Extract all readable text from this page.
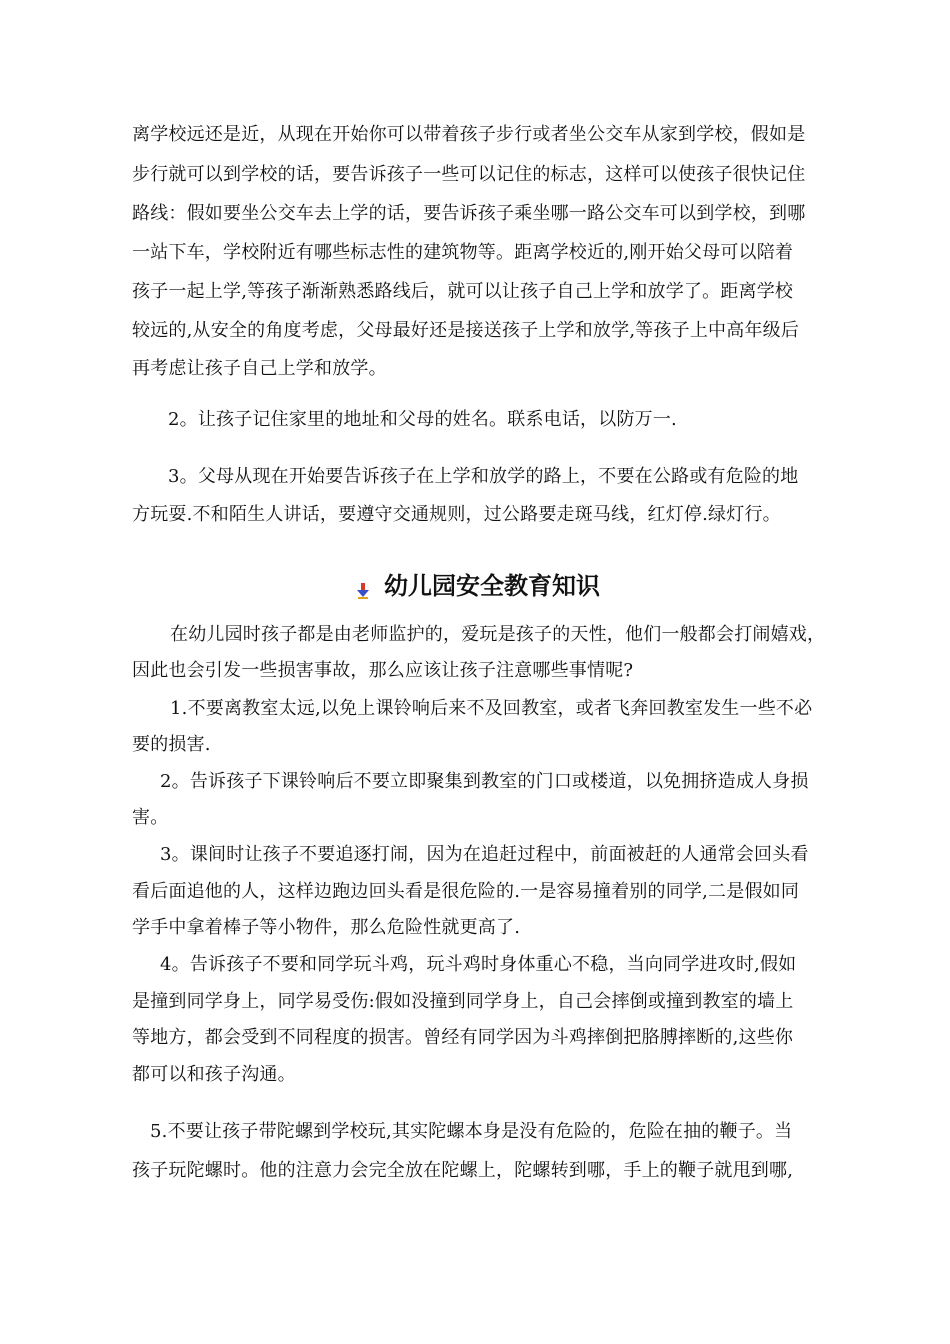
离学校远还是近，从现在开始你可以带着孩子步行或者坐公交车从家到学校，假如是
步行就可以到学校的话，要告诉孩子一些可以记住的标志，这样可以使孩子很快记住
路线：假如要坐公交车去上学的话，要告诉孩子乘坐哪一路公交车可以到学校，到哪
一站下车，学校附近有哪些标志性的建筑物等。距离学校近的,刚开始父母可以陪着
孩子一起上学,等孩子渐渐熟悉路线后，就可以让孩子自己上学和放学了。距离学校
较远的,从安全的角度考虑，父母最好还是接送孩子上学和放学,等孩子上中高年级后
再考虑让孩子自己上学和放学。
2。让孩子记住家里的地址和父母的姓名。联系电话，以防万一.
3。父母从现在开始要告诉孩子在上学和放学的路上，不要在公路或有危险的地
方玩耍.不和陌生人讲话，要遵守交通规则，过公路要走斑马线，红灯停.绿灯行。
幼儿园安全教育知识
在幼儿园时孩子都是由老师监护的，爱玩是孩子的天性，他们一般都会打闹嬉戏，
因此也会引发一些损害事故，那么应该让孩子注意哪些事情呢?
1.不要离教室太远,以免上课铃响后来不及回教室，或者飞奔回教室发生一些不必
要的损害.
2。告诉孩子下课铃响后不要立即聚集到教室的门口或楼道，以免拥挤造成人身损
害。
3。课间时让孩子不要追逐打闹，因为在追赶过程中，前面被赶的人通常会回头看
看后面追他的人，这样边跑边回头看是很危险的.一是容易撞着别的同学,二是假如同
学手中拿着棒子等小物件，那么危险性就更高了.
4。告诉孩子不要和同学玩斗鸡，玩斗鸡时身体重心不稳，当向同学进攻时,假如
是撞到同学身上，同学易受伤:假如没撞到同学身上，自己会摔倒或撞到教室的墙上
等地方，都会受到不同程度的损害。曾经有同学因为斗鸡摔倒把胳膊摔断的,这些你
都可以和孩子沟通。
5.不要让孩子带陀螺到学校玩,其实陀螺本身是没有危险的，危险在抽的鞭子。当
孩子玩陀螺时。他的注意力会完全放在陀螺上，陀螺转到哪，手上的鞭子就甩到哪,
